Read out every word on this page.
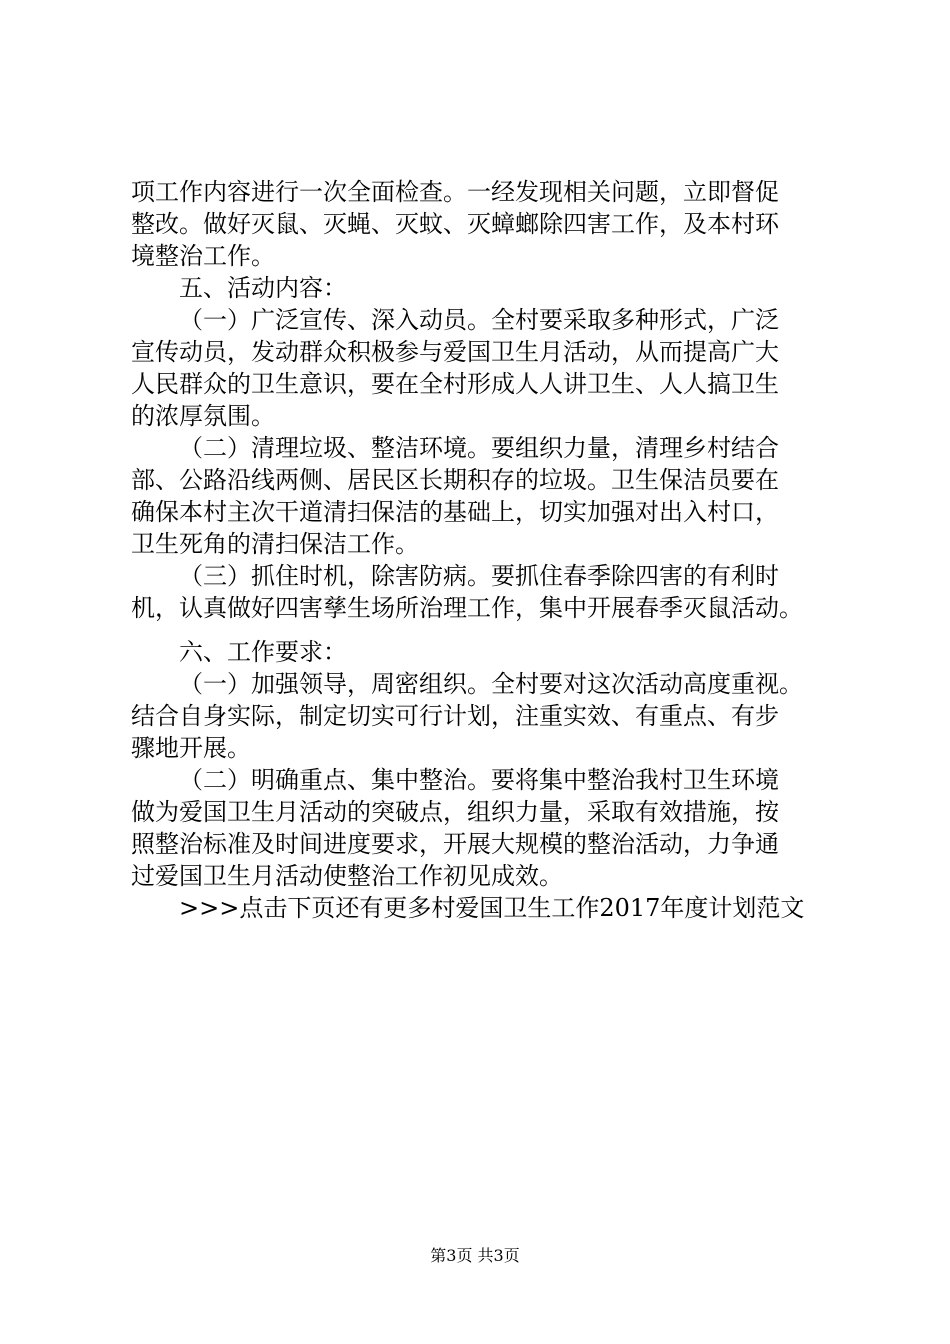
项工作内容进行一次全面检查。一经发现相关问题，立即督促
整改。做好灭鼠、灭蝇、灭蚊、灭蟑螂除四害工作，及本村环
境整治工作。
五、活动内容：
（一）广泛宣传、深入动员。全村要采取多种形式，广泛
宣传动员，发动群众积极参与爱国卫生月活动，从而提高广大
人民群众的卫生意识，要在全村形成人人讲卫生、人人搞卫生
的浓厚氛围。
（二）清理垃圾、整洁环境。要组织力量，清理乡村结合
部、公路沿线两侧、居民区长期积存的垃圾。卫生保洁员要在
确保本村主次干道清扫保洁的基础上，切实加强对出入村口，
卫生死角的清扫保洁工作。
（三）抓住时机，除害防病。要抓住春季除四害的有利时
机，认真做好四害孳生场所治理工作，集中开展春季灭鼠活动。
六、工作要求：
（一）加强领导，周密组织。全村要对这次活动高度重视。
结合自身实际，制定切实可行计划，注重实效、有重点、有步
骤地开展。
（二）明确重点、集中整治。要将集中整治我村卫生环境
做为爱国卫生月活动的突破点，组织力量，采取有效措施，按
照整治标准及时间进度要求，开展大规模的整治活动，力争通
过爱国卫生月活动使整治工作初见成效。
>>>点击下页还有更多村爱国卫生工作2017年度计划范文
第3页 共3页
